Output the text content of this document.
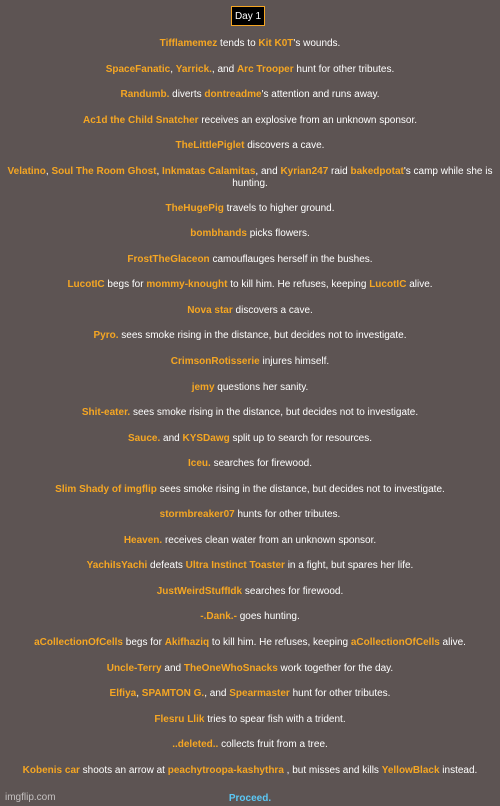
Day 1
Tifflamemez tends to Kit K0T's wounds.
SpaceFanatic, Yarrick., and Arc Trooper hunt for other tributes.
Randumb. diverts dontreadme's attention and runs away.
Ac1d the Child Snatcher receives an explosive from an unknown sponsor.
TheLittlePiglet discovers a cave.
Velatino, Soul The Room Ghost, Inkmatas Calamitas, and Kyrian247 raid bakedpotat's camp while she is hunting.
TheHugePig travels to higher ground.
bombhands picks flowers.
FrostTheGlaceon camouflauges herself in the bushes.
LucotIC begs for mommy-knought to kill him. He refuses, keeping LucotIC alive.
Nova star discovers a cave.
Pyro. sees smoke rising in the distance, but decides not to investigate.
CrimsonRotisserie injures himself.
jemy questions her sanity.
Shit-eater. sees smoke rising in the distance, but decides not to investigate.
Sauce. and KYSDawg split up to search for resources.
Iceu. searches for firewood.
Slim Shady of imgflip sees smoke rising in the distance, but decides not to investigate.
stormbreaker07 hunts for other tributes.
Heaven. receives clean water from an unknown sponsor.
YachiIsYachi defeats Ultra Instinct Toaster in a fight, but spares her life.
JustWeirdStuffIdk searches for firewood.
-.Dank.- goes hunting.
aCollectionOfCells begs for Akifhaziq to kill him. He refuses, keeping aCollectionOfCells alive.
Uncle-Terry and TheOneWhoSnacks work together for the day.
Elfiya, SPAMTON G., and Spearmaster hunt for other tributes.
Flesru Llik tries to spear fish with a trident.
..deleted.. collects fruit from a tree.
Kobenis car shoots an arrow at peachytroopa-kashythra , but misses and kills YellowBlack instead.
imgflip.com	Proceed.
